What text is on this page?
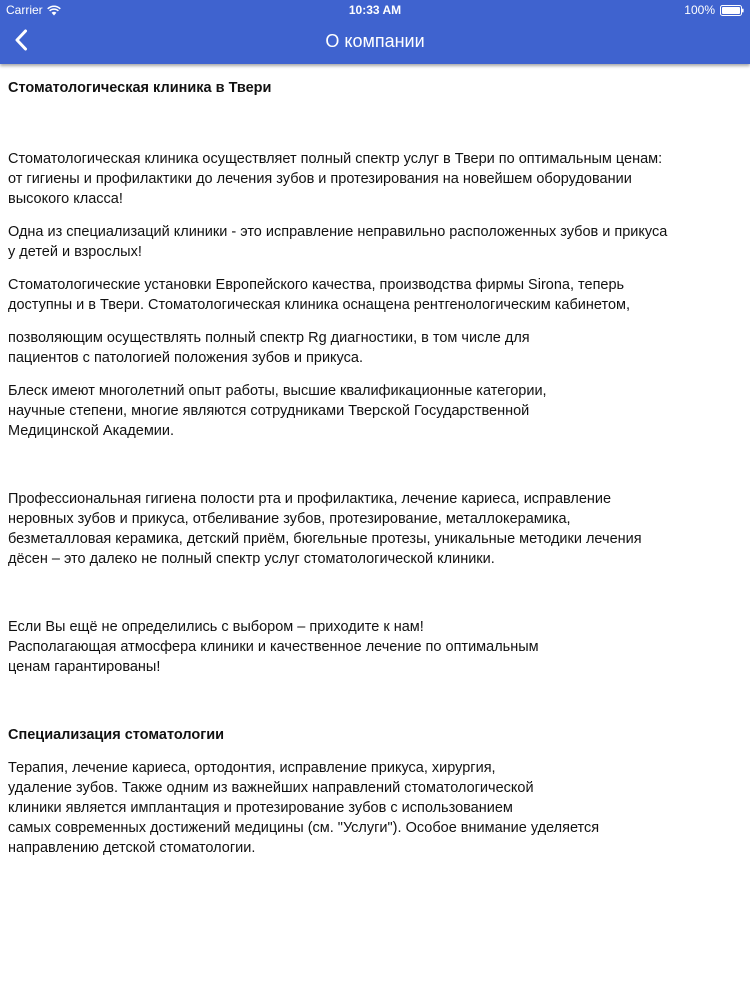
Carrier	10:33 AM	100%
О компании

Стоматологическая клиника в Твери

Стоматологическая клиника осуществляет полный спектр услуг в Твери по оптимальным ценам:

от гигиены и профилактики до лечения зубов и протезирования на новейшем оборудовании

высокого класса!

Одна из специализаций клиники - это исправление неправильно расположенных зубов и прикуса

у детей и взрослых!

Стоматологические установки Европейского качества, производства фирмы Sirona, теперь

доступны и в Твери. Стоматологическая клиника оснащена рентгенологическим кабинетом,

позволяющим осуществлять полный спектр Rg диагностики, в том числе для

пациентов с патологией положения зубов и прикуса.

Блеск имеют многолетний опыт работы, высшие квалификационные категории,

научные степени, многие являются сотрудниками Тверской Государственной

Медицинской Академии.

Профессиональная гигиена полости рта и профилактика, лечение кариеса, исправление

неровных зубов и прикуса, отбеливание зубов, протезирование, металлокерамика,

безметалловая керамика, детский приём, бюгельные протезы, уникальные методики лечения

дёсен – это далеко не полный спектр услуг стоматологической клиники.

Если Вы ещё не определились с выбором – приходите к нам!

Располагающая атмосфера клиники и качественное лечение по оптимальным

ценам гарантированы!

Специализация стоматологии

Терапия, лечение кариеса, ортодонтия, исправление прикуса, хирургия,

удаление зубов. Также одним из важнейших направлений стоматологической

клиники является имплантация и протезирование зубов с использованием

самых современных достижений медицины (см. "Услуги"). Особое внимание уделяется

направлению детской стоматологии.
